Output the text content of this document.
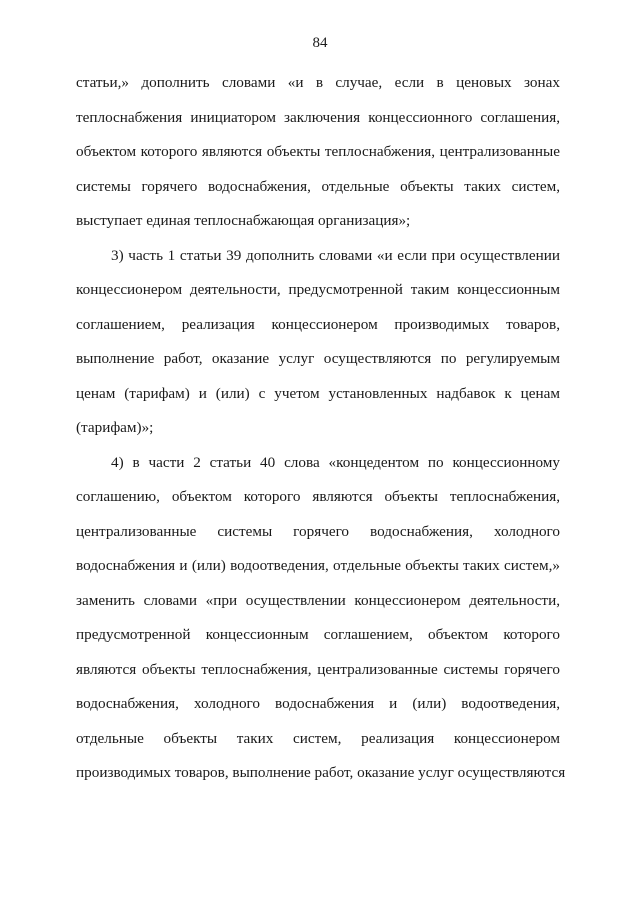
84
статьи,» дополнить словами «и в случае, если в ценовых зонах
теплоснабжения инициатором заключения концессионного соглашения,
объектом которого являются объекты теплоснабжения, централизованные
системы горячего водоснабжения, отдельные объекты таких систем,
выступает единая теплоснабжающая организация»;
3) часть 1 статьи 39 дополнить словами «и если при осуществлении
концессионером деятельности, предусмотренной таким концессионным
соглашением, реализация концессионером производимых товаров,
выполнение работ, оказание услуг осуществляются по регулируемым
ценам (тарифам) и (или) с учетом установленных надбавок к ценам
(тарифам)»;
4) в части 2 статьи 40 слова «концедентом по концессионному
соглашению, объектом которого являются объекты теплоснабжения,
централизованные системы горячего водоснабжения, холодного
водоснабжения и (или) водоотведения, отдельные объекты таких систем,»
заменить словами «при осуществлении концессионером деятельности,
предусмотренной концессионным соглашением, объектом которого
являются объекты теплоснабжения, централизованные системы горячего
водоснабжения, холодного водоснабжения и (или) водоотведения,
отдельные объекты таких систем, реализация концессионером
производимых товаров, выполнение работ, оказание услуг осуществляются
